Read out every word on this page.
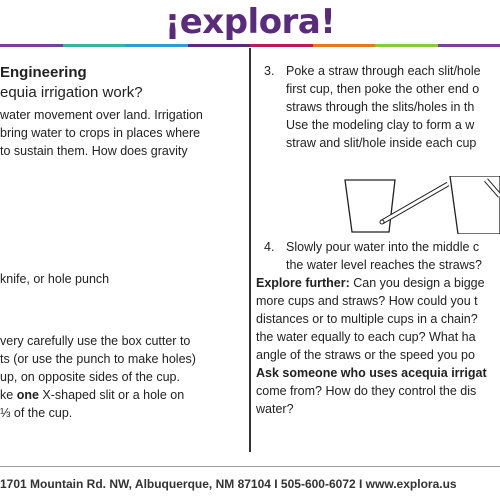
¡explora!

Engineering

equia irrigation work?

water movement over land. Irrigation

bring water to crops in places where

to sustain them. How does gravity

knife, or hole punch

very carefully use the box cutter to

ts (or use the punch to make holes)

up, on opposite sides of the cup.

ke one X-shaped slit or a hole on

⅓ of the cup.

3. Poke a straw through each slit/hole
first cup, then poke the other end o
straws through the slits/holes in th
Use the modeling clay to form a w
straw and slit/hole inside each cup
4. Slowly pour water into the middle c
the water level reaches the straws?

Explore further: Can you design a bigge

more cups and straws? How could you t

distances or to multiple cups in a chain?

the water equally to each cup? What ha

angle of the straws or the speed you po

Ask someone who uses acequia irrigat

come from? How do they control the dis

water?

1701 Mountain Rd. NW, Albuquerque, NM 87104 I 505-600-6072 I www.explora.us
